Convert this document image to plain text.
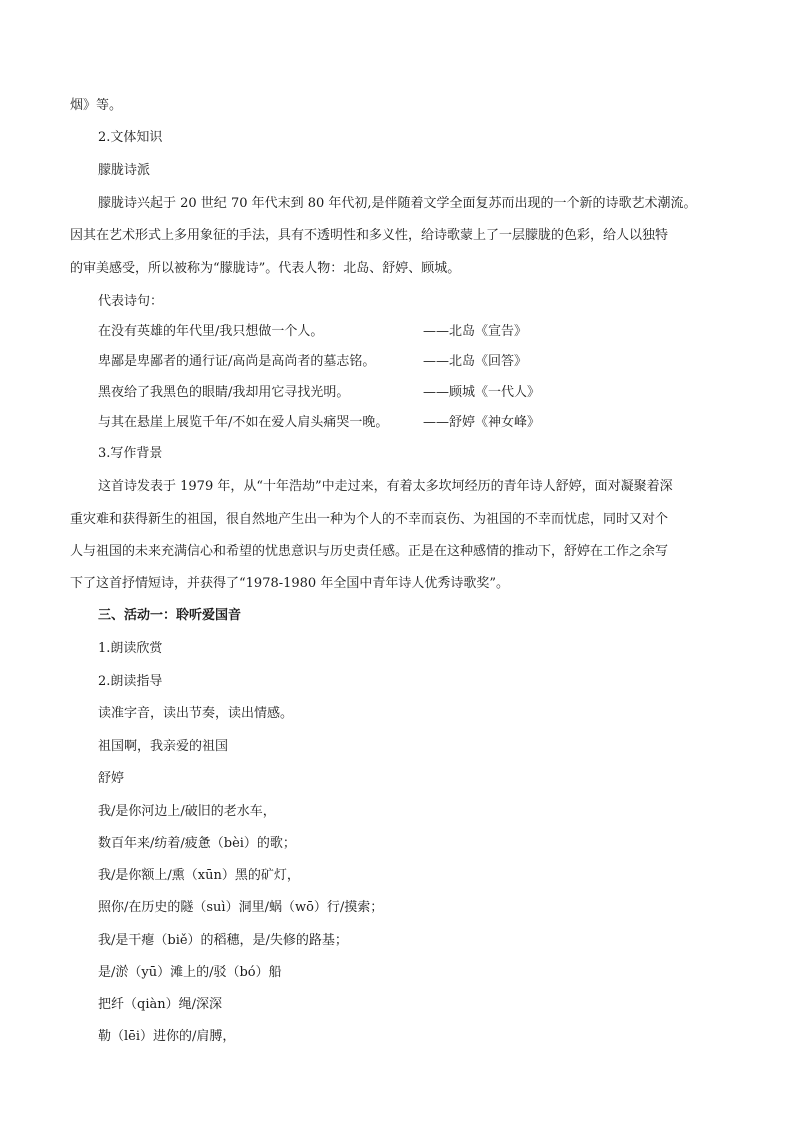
烟》等。
2.文体知识
朦胧诗派
朦胧诗兴起于 20 世纪 70 年代末到 80 年代初,是伴随着文学全面复苏而出现的一个新的诗歌艺术潮流。
因其在艺术形式上多用象征的手法，具有不透明性和多义性，给诗歌蒙上了一层朦胧的色彩，给人以独特
的审美感受，所以被称为“朦胧诗”。代表人物：北岛、舒婷、顾城。
代表诗句：
在没有英雄的年代里/我只想做一个人。	——北岛《宣告》
卑鄙是卑鄙者的通行证/高尚是高尚者的墓志铭。	——北岛《回答》
黑夜给了我黑色的眼睛/我却用它寻找光明。	——顾城《一代人》
与其在悬崖上展览千年/不如在爱人肩头痛哭一晚。	——舒婷《神女峰》
3.写作背景
这首诗发表于 1979 年，从“十年浩劫”中走过来，有着太多坎坷经历的青年诗人舒婷，面对凝聚着深
重灾难和获得新生的祖国，很自然地产生出一种为个人的不幸而哀伤、为祖国的不幸而忧虑，同时又对个
人与祖国的未来充满信心和希望的忧患意识与历史责任感。正是在这种感情的推动下，舒婷在工作之余写
下了这首抒情短诗，并获得了“1978-1980 年全国中青年诗人优秀诗歌奖”。
三、活动一：聆听爱国音
1.朗读欣赏
2.朗读指导
读准字音，读出节奏，读出情感。
祖国啊，我亲爱的祖国
舒婷
我/是你河边上/破旧的老水车，
数百年来/纺着/疲惫（bèi）的歌；
我/是你额上/熏（xūn）黑的矿灯，
照你/在历史的隧（suì）洞里/蜗（wō）行/摸索；
我/是干瘪（biě）的稻穗，是/失修的路基；
是/淤（yū）滩上的/驳（bó）船
把纤（qiàn）绳/深深
勒（lēi）进你的/肩膊，
